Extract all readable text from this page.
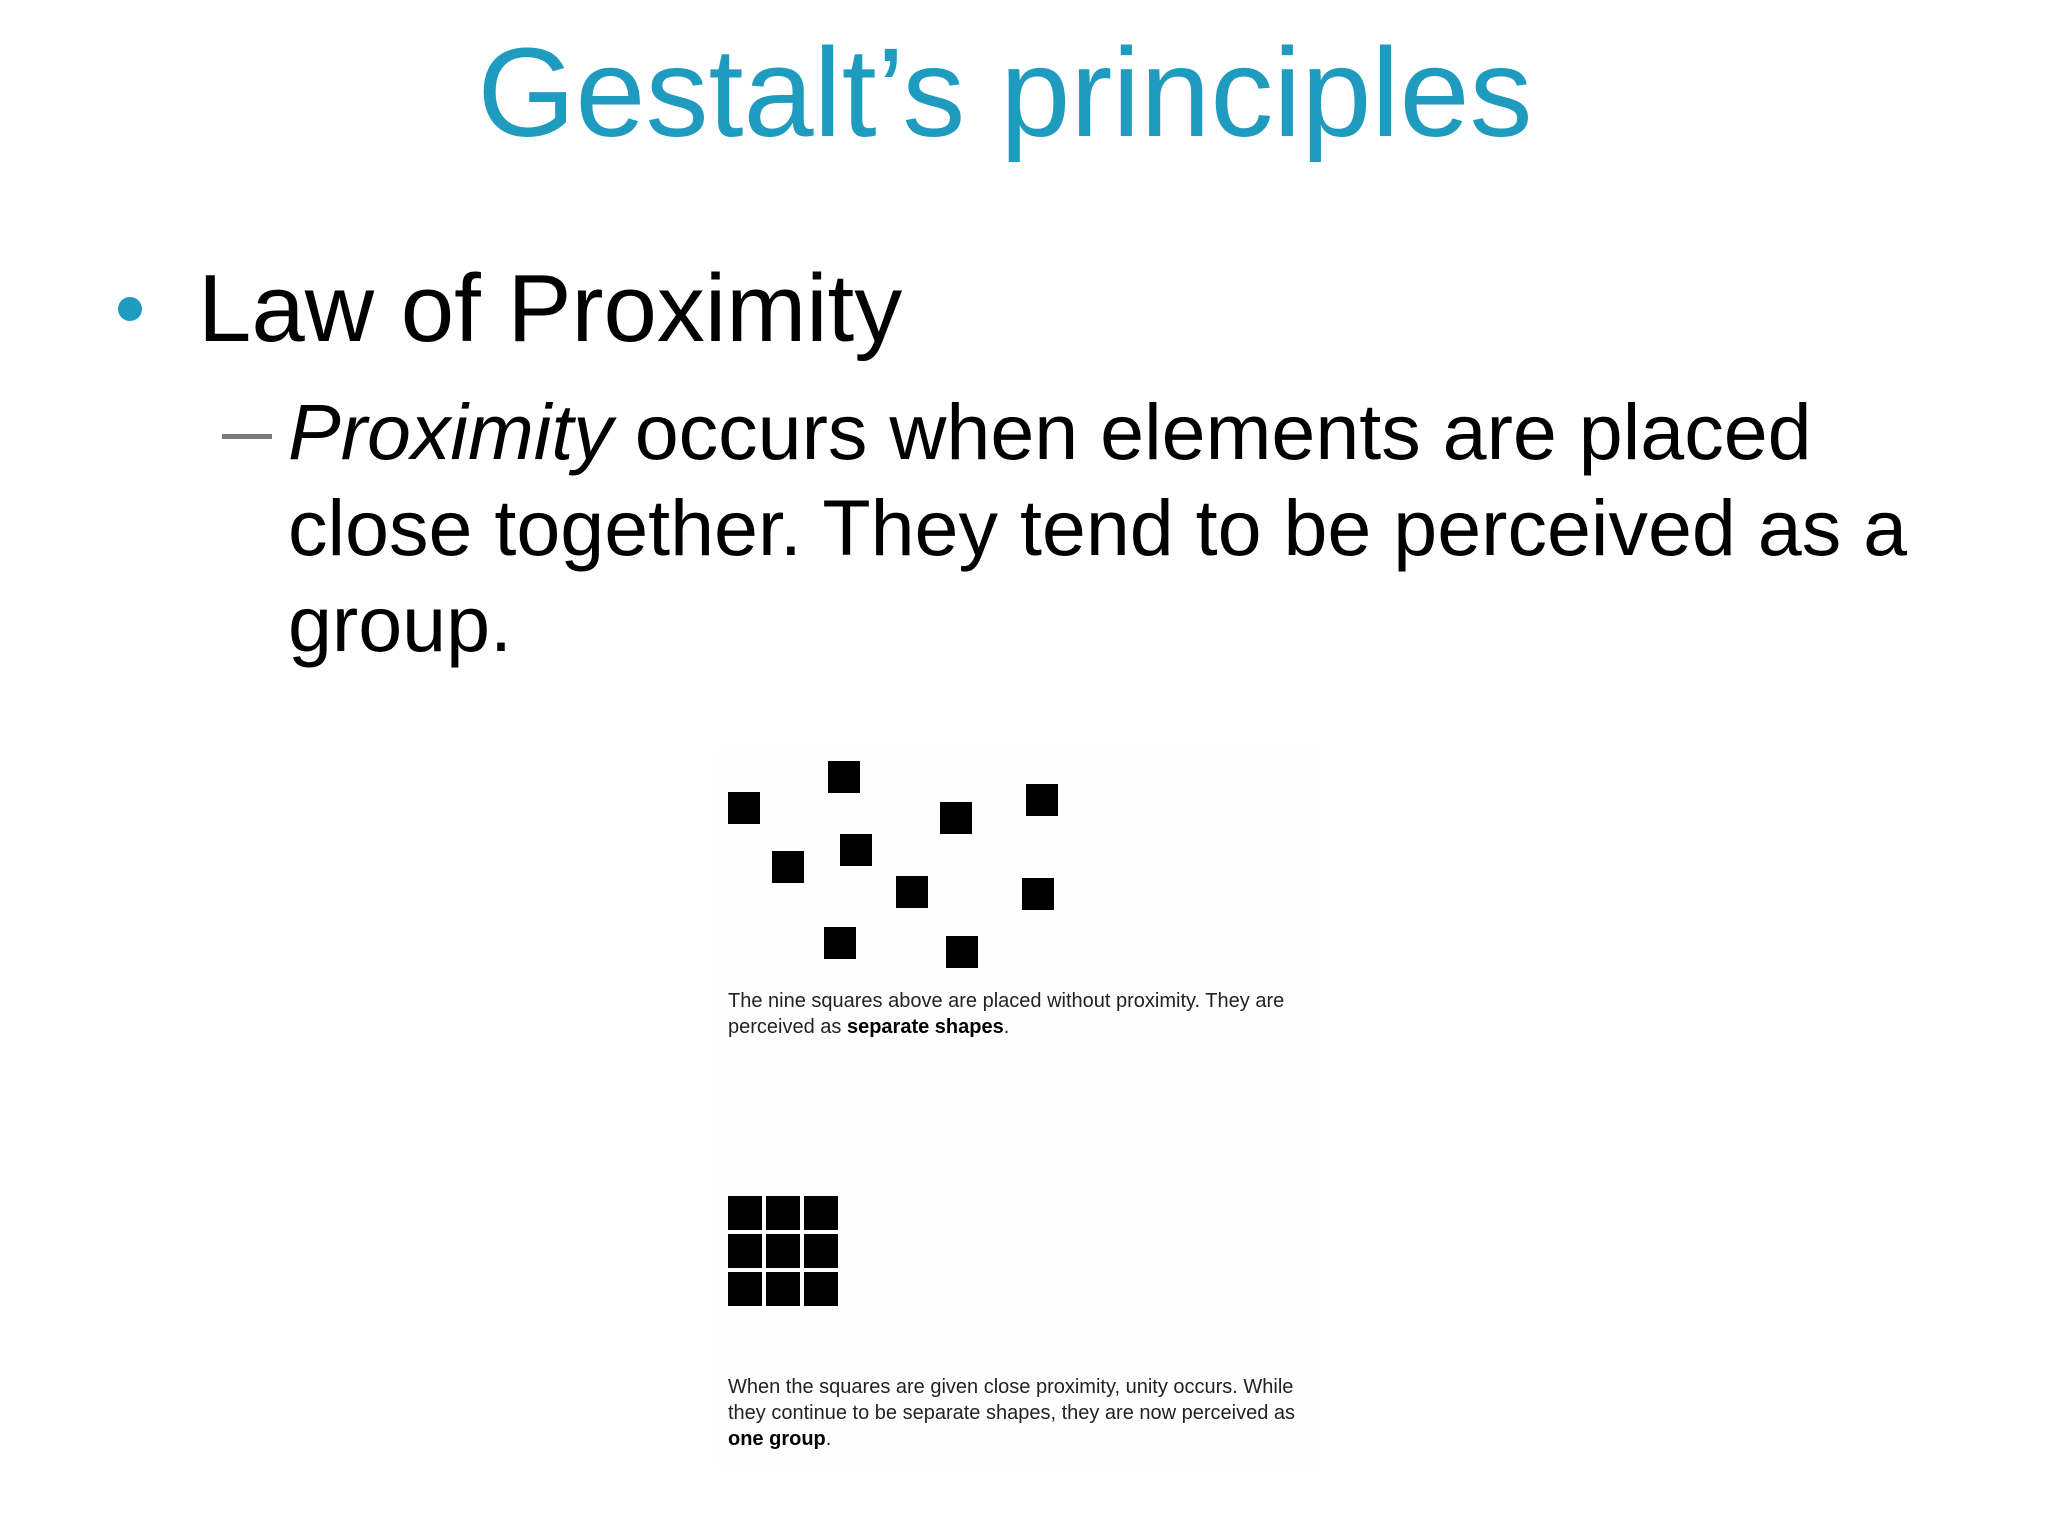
Gestalt’s principles
Law of Proximity

Proximity occurs when elements are placed close together. They tend to be perceived as a group.

The nine squares above are placed without proximity. They are perceived as separate shapes.

When the squares are given close proximity, unity occurs. While they continue to be separate shapes, they are now perceived as one group.
